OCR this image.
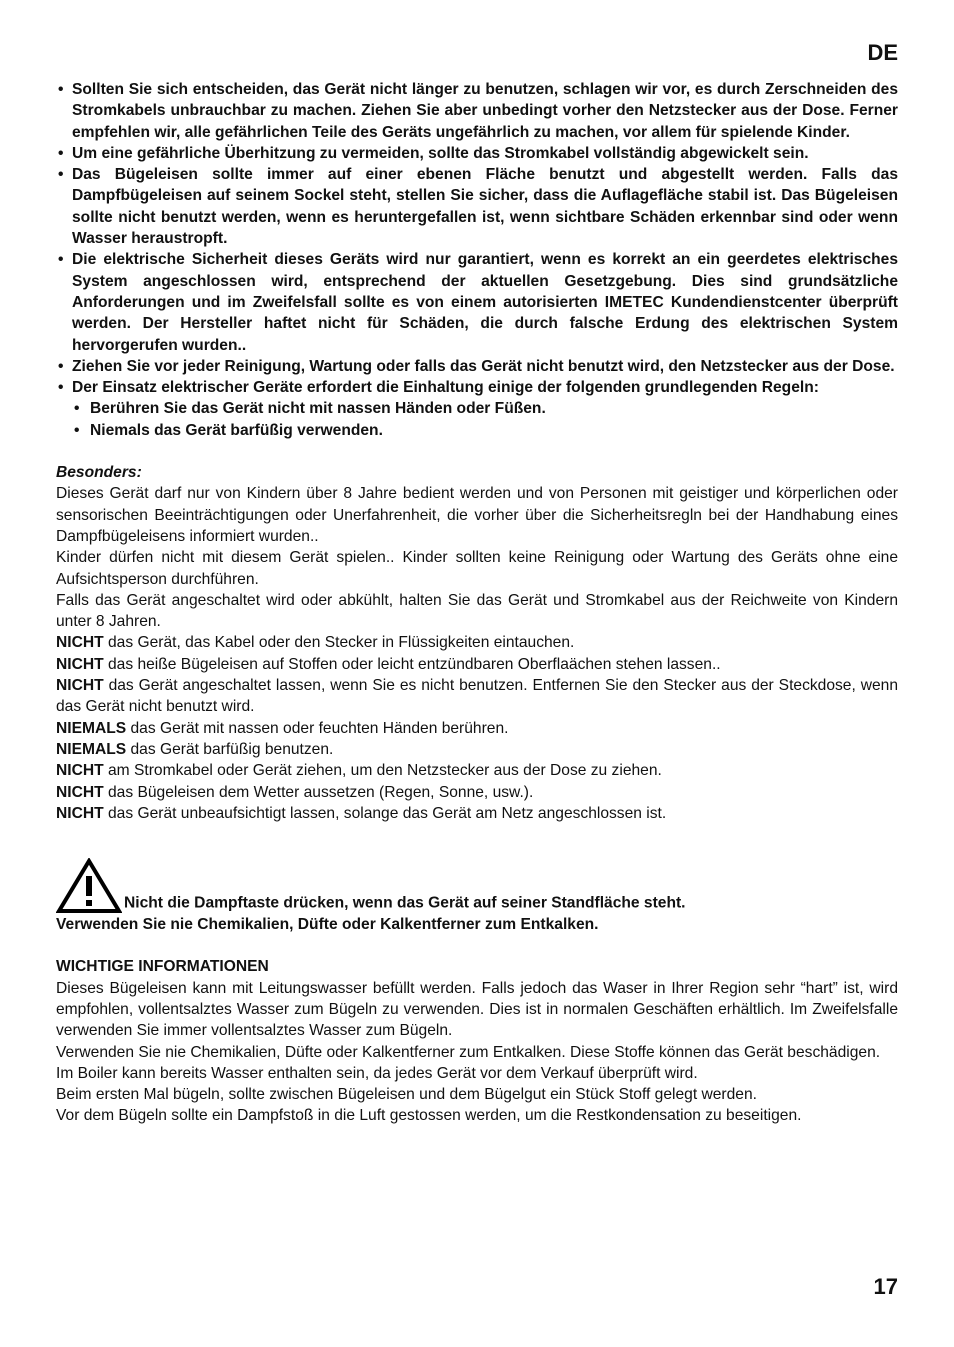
DE
• Sollten Sie sich entscheiden, das Gerät nicht länger zu benutzen, schlagen wir vor, es durch Zerschneiden des Stromkabels unbrauchbar zu machen. Ziehen Sie aber unbedingt vorher den Netzstecker aus der Dose. Ferner empfehlen wir, alle gefährlichen Teile des Geräts ungefährlich zu machen, vor allem für spielende Kinder.
• Um eine gefährliche Überhitzung zu vermeiden, sollte das Stromkabel vollständig abgewickelt sein.
• Das Bügeleisen sollte immer auf einer ebenen Fläche benutzt und abgestellt werden. Falls das Dampfbügeleisen auf seinem Sockel steht, stellen Sie sicher, dass die Auflagefläche stabil ist. Das Bügeleisen sollte nicht benutzt werden, wenn es heruntergefallen ist, wenn sichtbare Schäden erkennbar sind oder wenn Wasser heraustropft.
• Die elektrische Sicherheit dieses Geräts wird nur garantiert, wenn es korrekt an ein geerdetes elektrisches System angeschlossen wird, entsprechend der aktuellen Gesetzgebung. Dies sind grundsätzliche Anforderungen und im Zweifelsfall sollte es von einem autorisierten IMETEC Kundendienstcenter überprüft werden. Der Hersteller haftet nicht für Schäden, die durch falsche Erdung des elektrischen System hervorgerufen wurden..
• Ziehen Sie vor jeder Reinigung, Wartung oder falls das Gerät nicht benutzt wird, den Netzstecker aus der Dose.
• Der Einsatz elektrischer Geräte erfordert die Einhaltung einige der folgenden grundlegenden Regeln:
• Berühren Sie das Gerät nicht mit nassen Händen oder Füßen.
• Niemals das Gerät barfüßig verwenden.

Besonders:

Dieses Gerät darf nur von Kindern über 8 Jahre bedient werden und von Personen mit geistiger und körperlichen oder sensorischen Beeinträchtigungen oder Unerfahrenheit, die vorher über die Sicherheitsregln bei der Handhabung eines Dampfbügeleisens informiert wurden..

Kinder dürfen nicht mit diesem Gerät spielen.. Kinder sollten keine Reinigung oder Wartung des Geräts ohne eine Aufsichtsperson durchführen.

Falls das Gerät angeschaltet wird oder abkühlt, halten Sie das Gerät und Stromkabel aus der Reichweite von Kindern unter 8 Jahren.

NICHT das Gerät, das Kabel oder den Stecker in Flüssigkeiten eintauchen.

NICHT das heiße Bügeleisen auf Stoffen oder leicht entzündbaren Oberflaächen stehen lassen..

NICHT das Gerät angeschaltet lassen, wenn Sie es nicht benutzen. Entfernen Sie den Stecker aus der Steckdose, wenn das Gerät nicht benutzt wird.

NIEMALS das Gerät mit nassen oder feuchten Händen berühren.

NIEMALS das Gerät barfüßig benutzen.

NICHT am Stromkabel oder Gerät ziehen, um den Netzstecker aus der Dose zu ziehen.

NICHT das Bügeleisen dem Wetter aussetzen (Regen, Sonne, usw.).

NICHT das Gerät unbeaufsichtigt lassen, solange das Gerät am Netz angeschlossen ist.

Nicht die Dampftaste drücken, wenn das Gerät auf seiner Standfläche steht.
Verwenden Sie nie Chemikalien, Düfte oder Kalkentferner zum Entkalken.

WICHTIGE INFORMATIONEN

Dieses Bügeleisen kann mit Leitungswasser befüllt werden. Falls jedoch das Waser in Ihrer Region sehr “hart” ist, wird empfohlen, vollentsalztes Wasser zum Bügeln zu verwenden. Dies ist in normalen Geschäften erhältlich. Im Zweifelsfalle verwenden Sie immer vollentsalztes Wasser zum Bügeln.

Verwenden Sie nie Chemikalien, Düfte oder Kalkentferner zum Entkalken. Diese Stoffe können das Gerät beschädigen.

Im Boiler kann bereits Wasser enthalten sein, da jedes Gerät vor dem Verkauf überprüft wird.

Beim ersten Mal bügeln, sollte zwischen Bügeleisen und dem Bügelgut ein Stück Stoff gelegt werden.

Vor dem Bügeln sollte ein Dampfstoß in die Luft gestossen werden, um die Restkondensation zu beseitigen.

17
